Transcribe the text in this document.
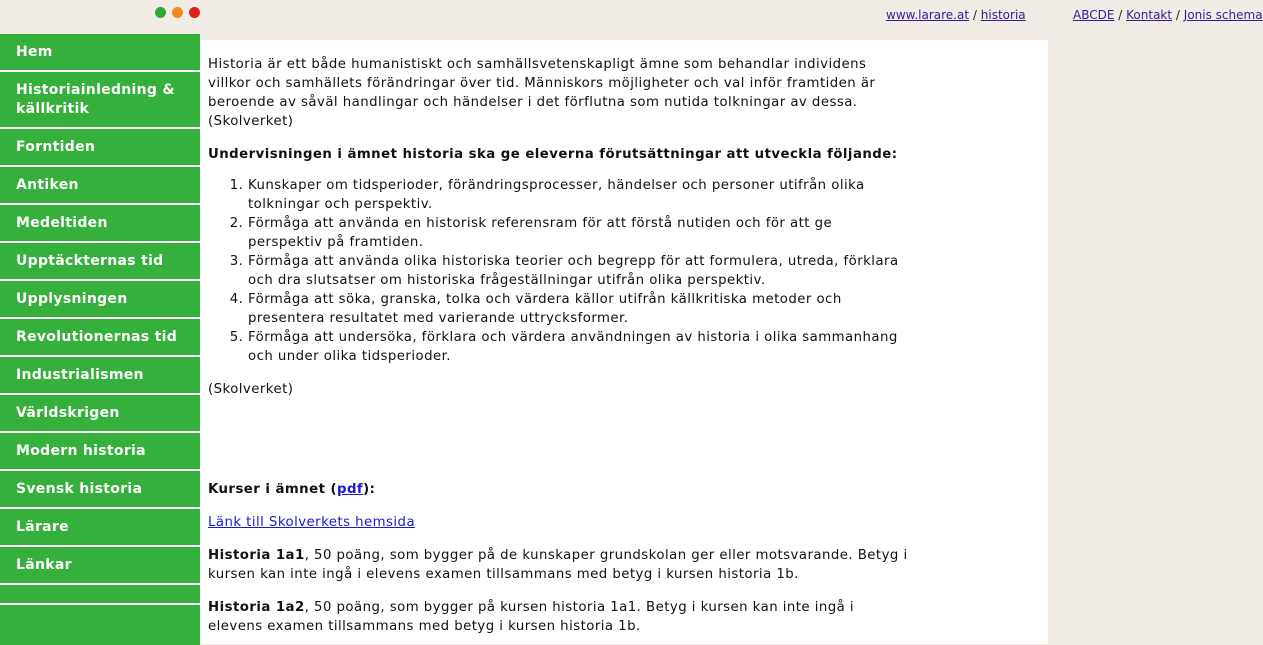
www.larare.at / historia	ABCDE / Kontakt / Jonis schema
Hem
Historiainledning & källkritik
Forntiden
Antiken
Medeltiden
Upptäckternas tid
Upplysningen
Revolutionernas tid
Industrialismen
Världskrigen
Modern historia
Svensk historia
Lärare
Länkar

Historia är ett både humanistiskt och samhällsvetenskapligt ämne som behandlar individens villkor och samhällets förändringar över tid. Människors möjligheter och val inför framtiden är beroende av såväl handlingar och händelser i det förflutna som nutida tolkningar av dessa. (Skolverket)

Undervisningen i ämnet historia ska ge eleverna förutsättningar att utveckla följande:

1. Kunskaper om tidsperioder, förändringsprocesser, händelser och personer utifrån olika tolkningar och perspektiv.
2. Förmåga att använda en historisk referensram för att förstå nutiden och för att ge perspektiv på framtiden.
3. Förmåga att använda olika historiska teorier och begrepp för att formulera, utreda, förklara och dra slutsatser om historiska frågeställningar utifrån olika perspektiv.
4. Förmåga att söka, granska, tolka och värdera källor utifrån källkritiska metoder och presentera resultatet med varierande uttrycksformer.
5. Förmåga att undersöka, förklara och värdera användningen av historia i olika sammanhang och under olika tidsperioder.

(Skolverket)

Kurser i ämnet (pdf):

Länk till Skolverkets hemsida

Historia 1a1, 50 poäng, som bygger på de kunskaper grundskolan ger eller motsvarande. Betyg i kursen kan inte ingå i elevens examen tillsammans med betyg i kursen historia 1b.

Historia 1a2, 50 poäng, som bygger på kursen historia 1a1. Betyg i kursen kan inte ingå i elevens examen tillsammans med betyg i kursen historia 1b.
